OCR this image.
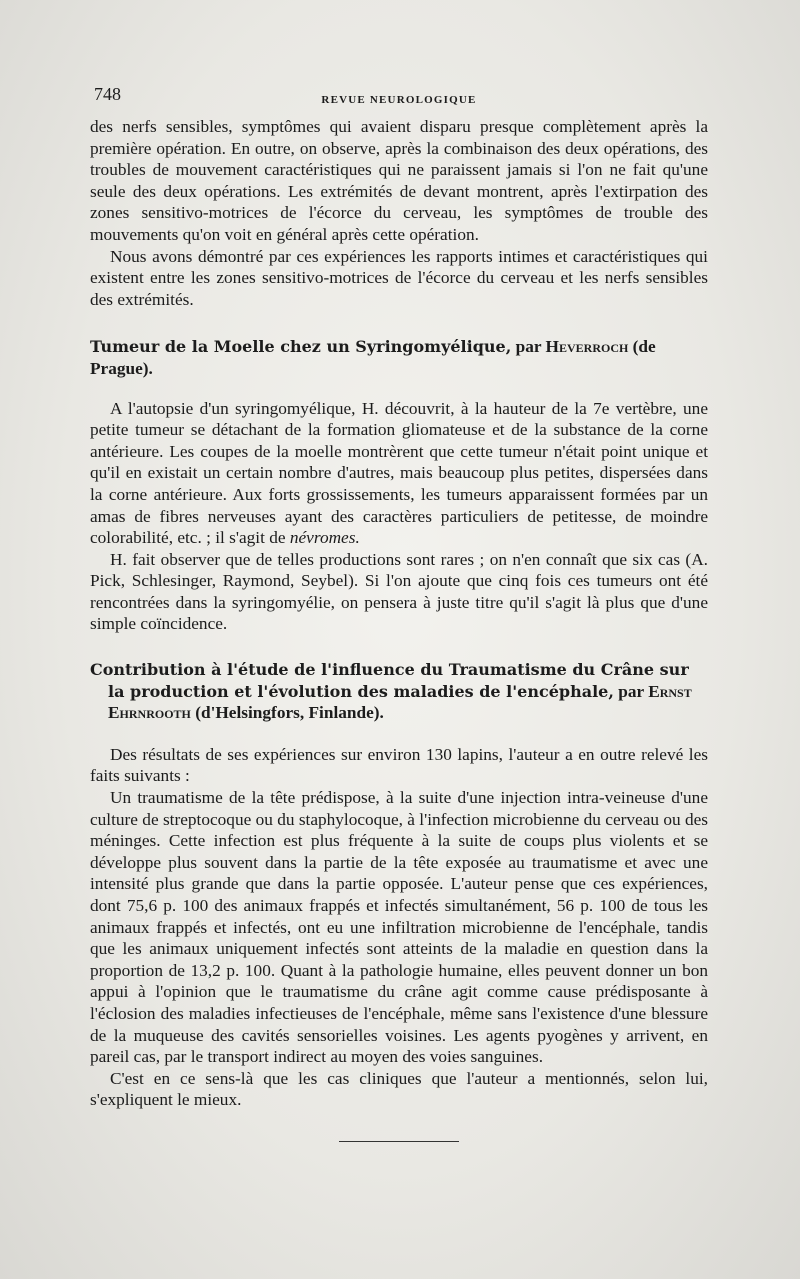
748	REVUE NEUROLOGIQUE

des nerfs sensibles, symptômes qui avaient disparu presque complètement après la première opération. En outre, on observe, après la combinaison des deux opérations, des troubles de mouvement caractéristiques qui ne paraissent jamais si l'on ne fait qu'une seule des deux opérations. Les extrémités de devant montrent, après l'extirpation des zones sensitivo-motrices de l'écorce du cerveau, les symptômes de trouble des mouvements qu'on voit en général après cette opération.

Nous avons démontré par ces expériences les rapports intimes et caractéristiques qui existent entre les zones sensitivo-motrices de l'écorce du cerveau et les nerfs sensibles des extrémités.

Tumeur de la Moelle chez un Syringomyélique, par Heverroch (de Prague).

A l'autopsie d'un syringomyélique, H. découvrit, à la hauteur de la 7e vertèbre, une petite tumeur se détachant de la formation gliomateuse et de la substance de la corne antérieure. Les coupes de la moelle montrèrent que cette tumeur n'était point unique et qu'il en existait un certain nombre d'autres, mais beaucoup plus petites, dispersées dans la corne antérieure. Aux forts grossissements, les tumeurs apparaissent formées par un amas de fibres nerveuses ayant des caractères particuliers de petitesse, de moindre colorabilité, etc. ; il s'agit de névromes.

H. fait observer que de telles productions sont rares ; on n'en connaît que six cas (A. Pick, Schlesinger, Raymond, Seybel). Si l'on ajoute que cinq fois ces tumeurs ont été rencontrées dans la syringomyélie, on pensera à juste titre qu'il s'agit là plus que d'une simple coïncidence.

Contribution à l'étude de l'influence du Traumatisme du Crâne sur
la production et l'évolution des maladies de l'encéphale, par Ernst
Ehrnrooth (d'Helsingfors, Finlande).

Des résultats de ses expériences sur environ 130 lapins, l'auteur a en outre relevé les faits suivants :

Un traumatisme de la tête prédispose, à la suite d'une injection intra-veineuse d'une culture de streptocoque ou du staphylocoque, à l'infection microbienne du cerveau ou des méninges. Cette infection est plus fréquente à la suite de coups plus violents et se développe plus souvent dans la partie de la tête exposée au traumatisme et avec une intensité plus grande que dans la partie opposée. L'auteur pense que ces expériences, dont 75,6 p. 100 des animaux frappés et infectés simultanément, 56 p. 100 de tous les animaux frappés et infectés, ont eu une infiltration microbienne de l'encéphale, tandis que les animaux uniquement infectés sont atteints de la maladie en question dans la proportion de 13,2 p. 100. Quant à la pathologie humaine, elles peuvent donner un bon appui à l'opinion que le traumatisme du crâne agit comme cause prédisposante à l'éclosion des maladies infectieuses de l'encéphale, même sans l'existence d'une blessure de la muqueuse des cavités sensorielles voisines. Les agents pyogènes y arrivent, en pareil cas, par le transport indirect au moyen des voies sanguines.

C'est en ce sens-là que les cas cliniques que l'auteur a mentionnés, selon lui, s'expliquent le mieux.
